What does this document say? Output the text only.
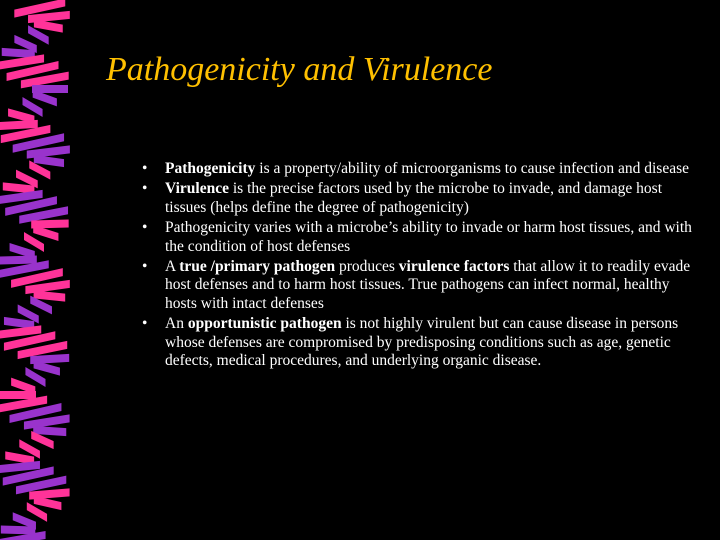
Pathogenicity and Virulence
• Pathogenicity is a property/ability of microorganisms to cause infection and disease
• Virulence is the precise factors used by the microbe to invade, and damage host tissues (helps define the degree of pathogenicity)
• Pathogenicity varies with a microbe’s ability to invade or harm host tissues, and with the condition of host defenses
• A true /primary pathogen produces virulence factors that allow it to readily evade host defenses and to harm host tissues. True pathogens can infect normal, healthy hosts with intact defenses
• An opportunistic pathogen is not highly virulent but can cause disease in persons whose defenses are compromised by predisposing conditions such as age, genetic defects, medical procedures, and underlying organic disease.
